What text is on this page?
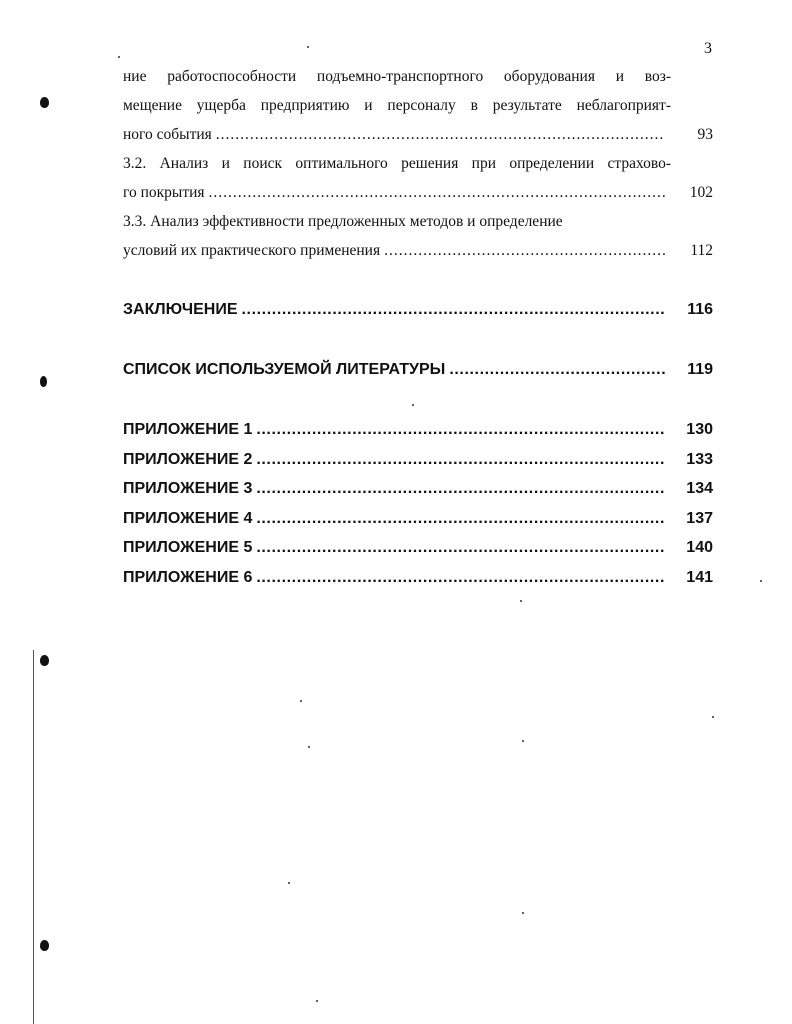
3
ние работоспособности подъемно-транспортного оборудования и воз-
мещение ущерба предприятию и персоналу в результате неблагоприят-
ного события .....	93
3.2. Анализ и поиск оптимального решения при определении страхово-
го покрытия .....	102
3.3. Анализ эффективности предложенных методов и определение
условий их практического применения .....	112
ЗАКЛЮЧЕНИЕ .....	116
СПИСОК ИСПОЛЬЗУЕМОЙ ЛИТЕРАТУРЫ .....	119
ПРИЛОЖЕНИЕ 1 .....	130
ПРИЛОЖЕНИЕ 2 .....	133
ПРИЛОЖЕНИЕ 3 .....	134
ПРИЛОЖЕНИЕ 4 .....	137
ПРИЛОЖЕНИЕ 5 .....	140
ПРИЛОЖЕНИЕ 6 .....	141
